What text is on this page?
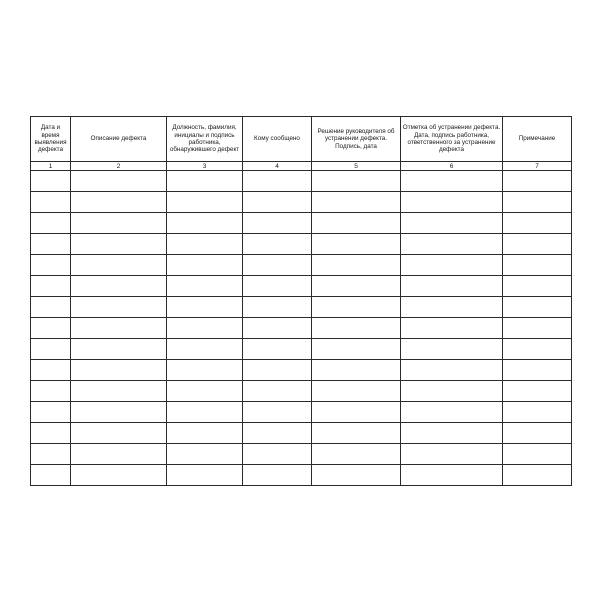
Дата и время выявления дефекта	Описание дефекта	Должность, фамилия, инициалы и подпись работника, обнаружившего дефект	Кому сообщено	Решение руководителя об устранении дефекта. Подпись, дата	Отметка об устранении дефекта. Дата, подпись работника, ответственного за устранение дефекта	Примечание
1	2	3	4	5	6	7
